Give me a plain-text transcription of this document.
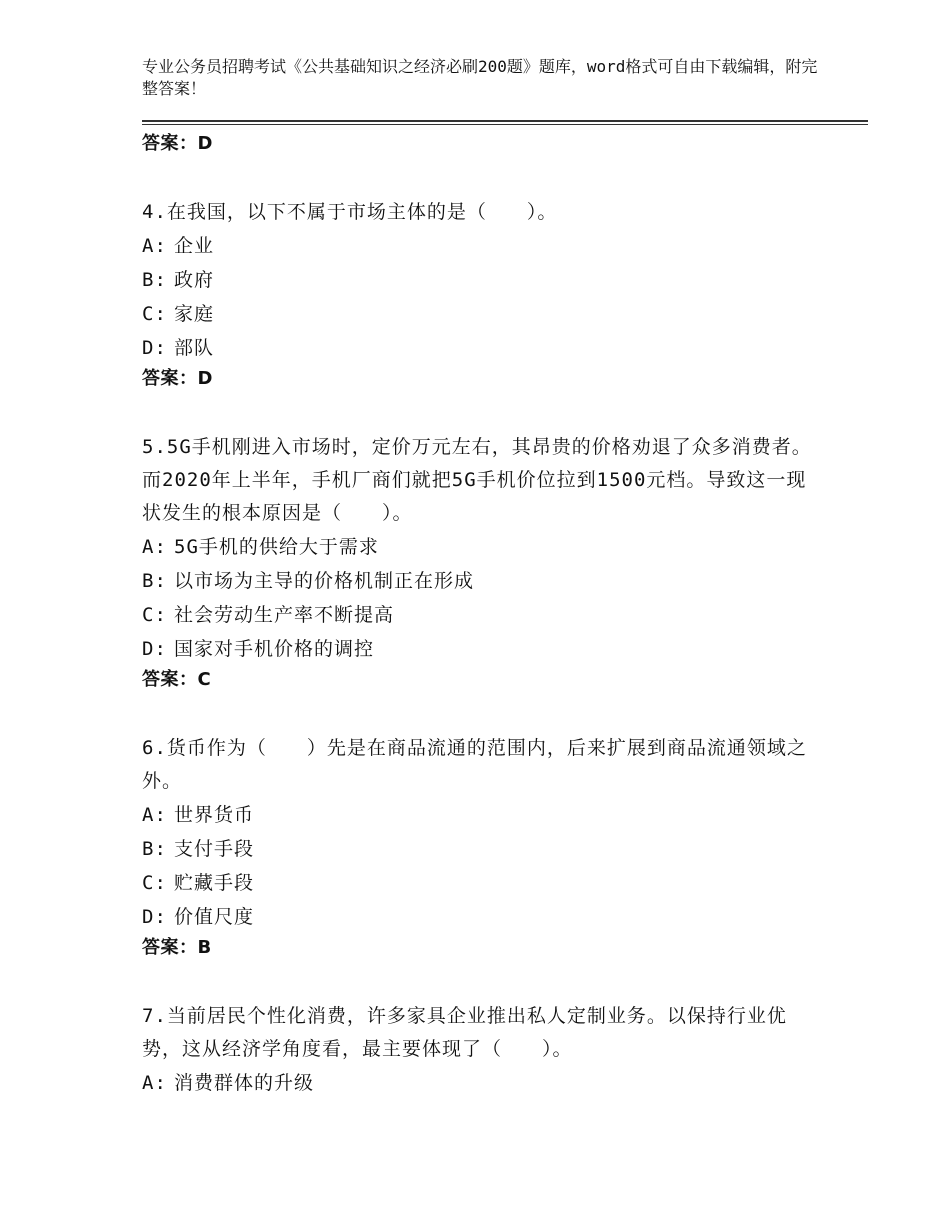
专业公务员招聘考试《公共基础知识之经济必刷200题》题库，word格式可自由下载编辑，附完整答案！
答案：D
4.在我国，以下不属于市场主体的是（　　）。
A: 企业
B: 政府
C: 家庭
D: 部队
答案：D
5.5G手机刚进入市场时，定价万元左右，其昂贵的价格劝退了众多消费者。而2020年上半年，手机厂商们就把5G手机价位拉到1500元档。导致这一现状发生的根本原因是（　　）。
A: 5G手机的供给大于需求
B: 以市场为主导的价格机制正在形成
C: 社会劳动生产率不断提高
D: 国家对手机价格的调控
答案：C
6.货币作为（　　）先是在商品流通的范围内，后来扩展到商品流通领域之外。
A: 世界货币
B: 支付手段
C: 贮藏手段
D: 价值尺度
答案：B
7.当前居民个性化消费，许多家具企业推出私人定制业务。以保持行业优势，这从经济学角度看，最主要体现了（　　）。
A: 消费群体的升级
